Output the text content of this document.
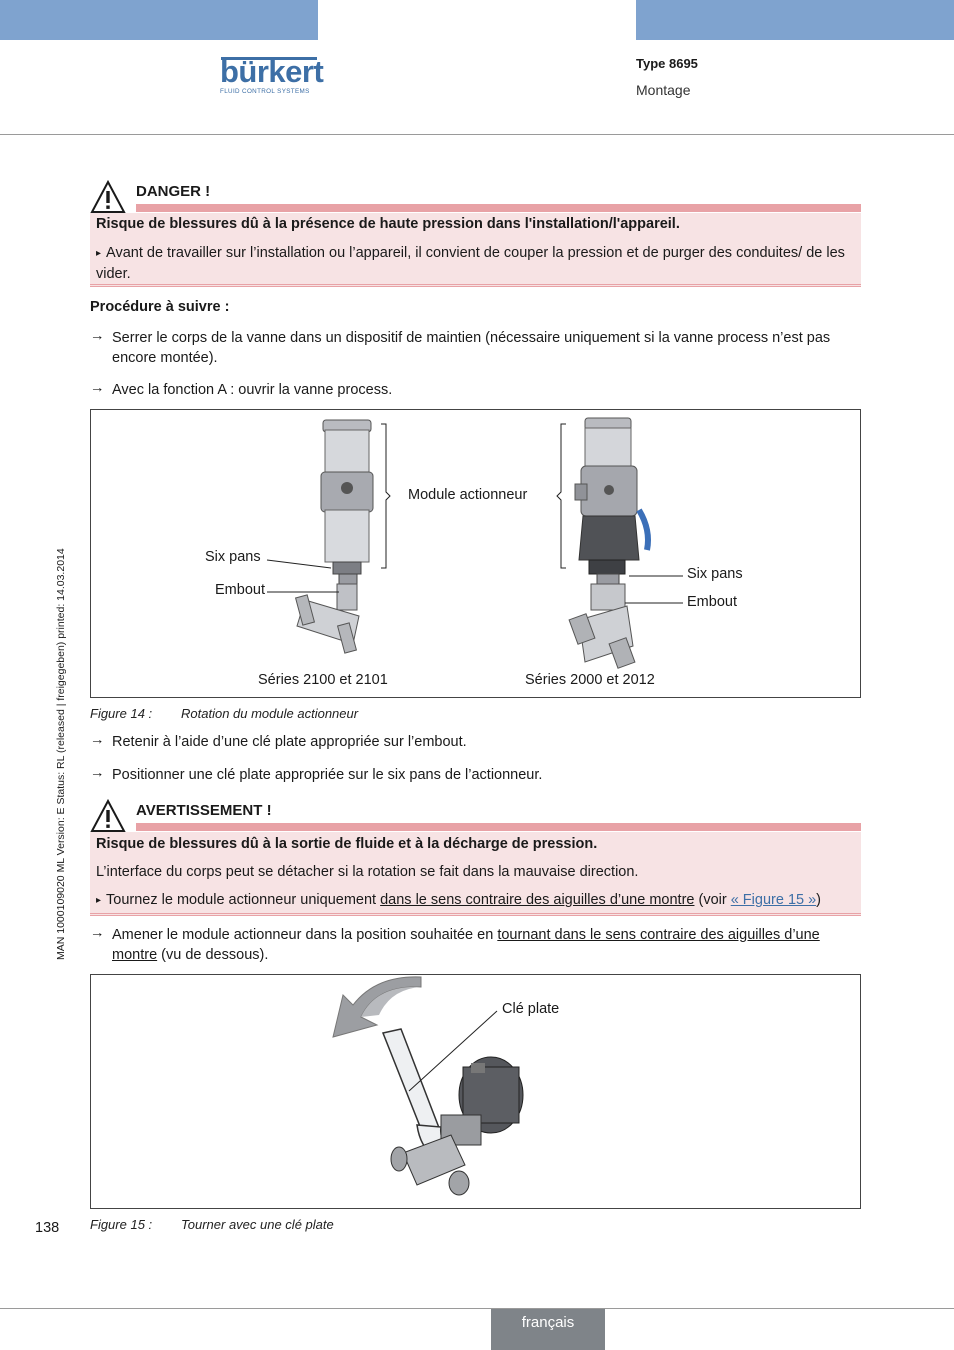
bürkert
FLUID CONTROL SYSTEMS
Type 8695
Montage
MAN 1000109020 ML Version: E Status: RL (released | freigegeben) printed: 14.03.2014
DANGER !
Risque de blessures dû à la présence de haute pression dans l'installation/l'appareil.
▸ Avant de travailler sur l’installation ou l’appareil, il convient de couper la pression et de purger des conduites/ de les vider.
Procédure à suivre :
→ Serrer le corps de la vanne dans un dispositif de maintien (nécessaire uniquement si la vanne process n’est pas encore montée).

→ Avec la fonction A : ouvrir la vanne process.

Module actionneur
Six pans
Embout
Six pans
Embout
Séries 2100 et 2101	Séries 2000 et 2012
Figure 14 : Rotation du module actionneur
→ Retenir à l’aide d’une clé plate appropriée sur l’embout.

→ Positionner une clé plate appropriée sur le six pans de l’actionneur.

AVERTISSEMENT !
Risque de blessures dû à la sortie de fluide et à la décharge de pression.
L’interface du corps peut se détacher si la rotation se fait dans la mauvaise direction.
▸ Tournez le module actionneur uniquement dans le sens contraire des aiguilles d’une montre (voir « Figure 15 »)
→ Amener le module actionneur dans la position souhaitée en tournant dans le sens contraire des aiguilles d’une montre (vu de dessous).

Clé plate
Figure 15 : Tourner avec une clé plate
138
français
